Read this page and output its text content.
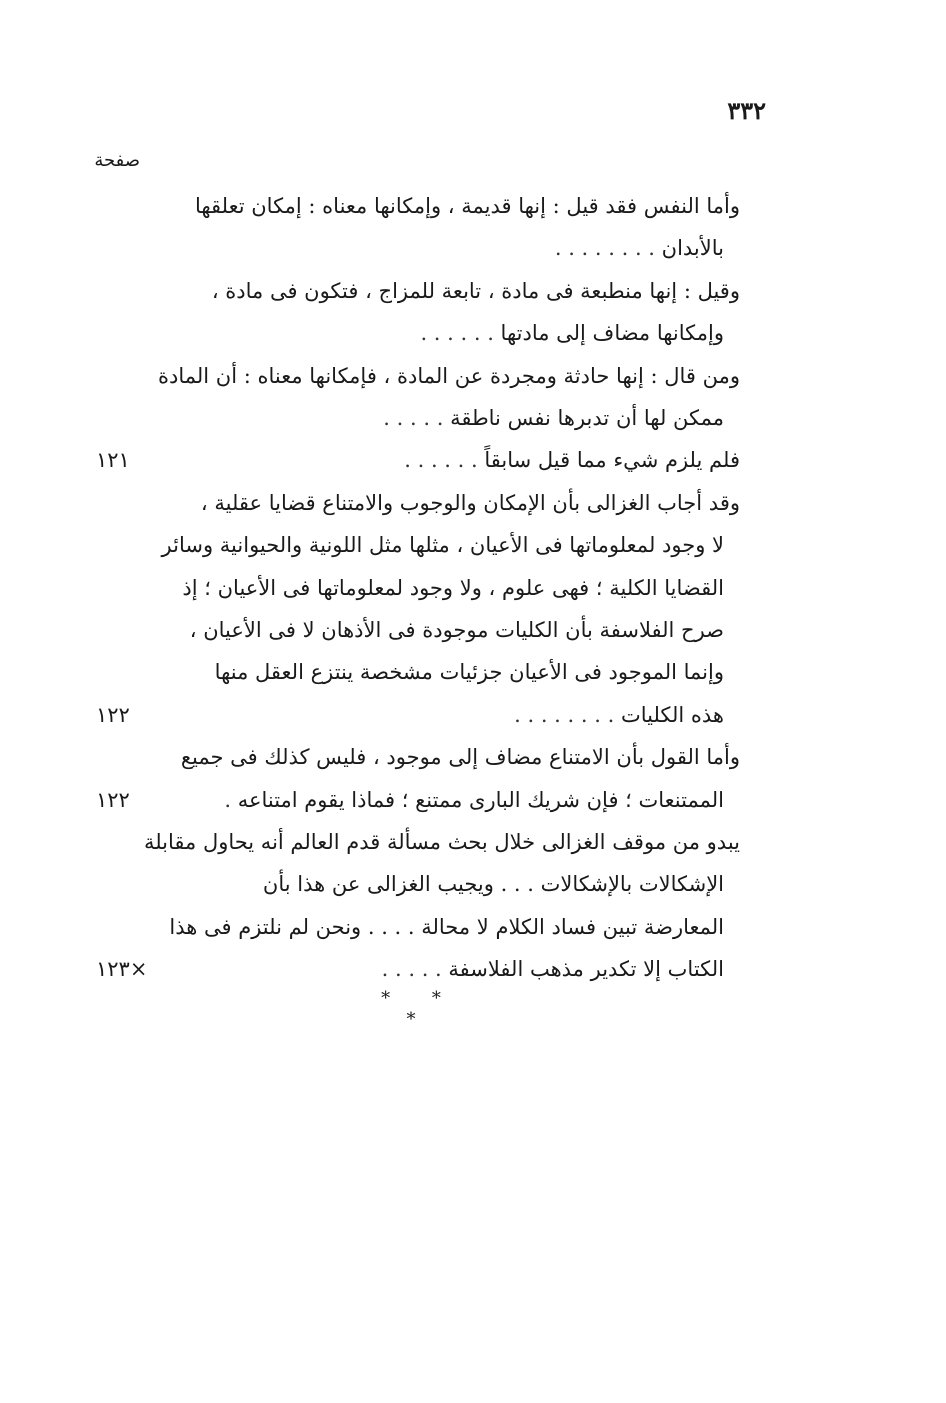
٣٣٢
صفحة
وأما النفس فقد قيل : إنها قديمة ، وإمكانها معناه : إمكان تعلقها
بالأبدان . . . . . . . .
وقيل : إنها منطبعة فى مادة ، تابعة للمزاج ، فتكون فى مادة ،
وإمكانها مضاف إلى مادتها . . . . . .
ومن قال : إنها حادثة ومجردة عن المادة ، فإمكانها معناه : أن المادة
ممكن لها أن تدبرها نفس ناطقة . . . . .
فلم يلزم شيء مما قيل سابقاً . . . . . .
١٢١
وقد أجاب الغزالى بأن الإمكان والوجوب والامتناع قضايا عقلية ،
لا وجود لمعلوماتها فى الأعيان ، مثلها مثل اللونية والحيوانية وسائر
القضايا الكلية ؛ فهى علوم ، ولا وجود لمعلوماتها فى الأعيان ؛ إذ
صرح الفلاسفة بأن الكليات موجودة فى الأذهان لا فى الأعيان ،
وإنما الموجود فى الأعيان جزئيات مشخصة ينتزع العقل منها
هذه الكليات . . . . . . . .
١٢٢
وأما القول بأن الامتناع مضاف إلى موجود ، فليس كذلك فى جميع
الممتنعات ؛ فإن شريك البارى ممتنع ؛ فماذا يقوم امتناعه .
١٢٢
يبدو من موقف الغزالى خلال بحث مسألة قدم العالم أنه يحاول مقابلة
الإشكالات بالإشكالات . . . ويجيب الغزالى عن هذا بأن
المعارضة تبين فساد الكلام لا محالة . . . . ونحن لم نلتزم فى هذا
الكتاب إلا تكدير مذهب الفلاسفة . . . . .
×١٢٣
* * *
